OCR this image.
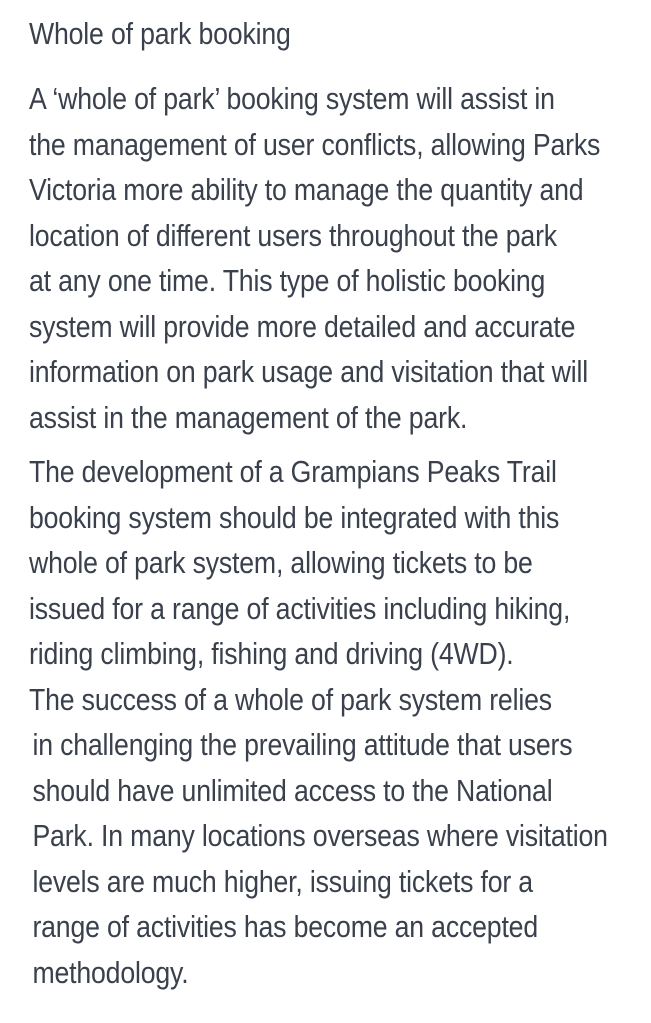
Whole of park booking
A ‘whole of park’ booking system will assist in
the management of user conflicts, allowing Parks
Victoria more ability to manage the quantity and
location of different users throughout the park
at any one time. This type of holistic booking
system will provide more detailed and accurate
information on park usage and visitation that will
assist in the management of the park.
The development of a Grampians Peaks Trail
booking system should be integrated with this
whole of park system, allowing tickets to be
issued for a range of activities including hiking,
riding climbing, fishing and driving (4WD).
The success of a whole of park system relies
in challenging the prevailing attitude that users
should have unlimited access to the National
Park. In many locations overseas where visitation
levels are much higher, issuing tickets for a
range of activities has become an accepted
methodology.
